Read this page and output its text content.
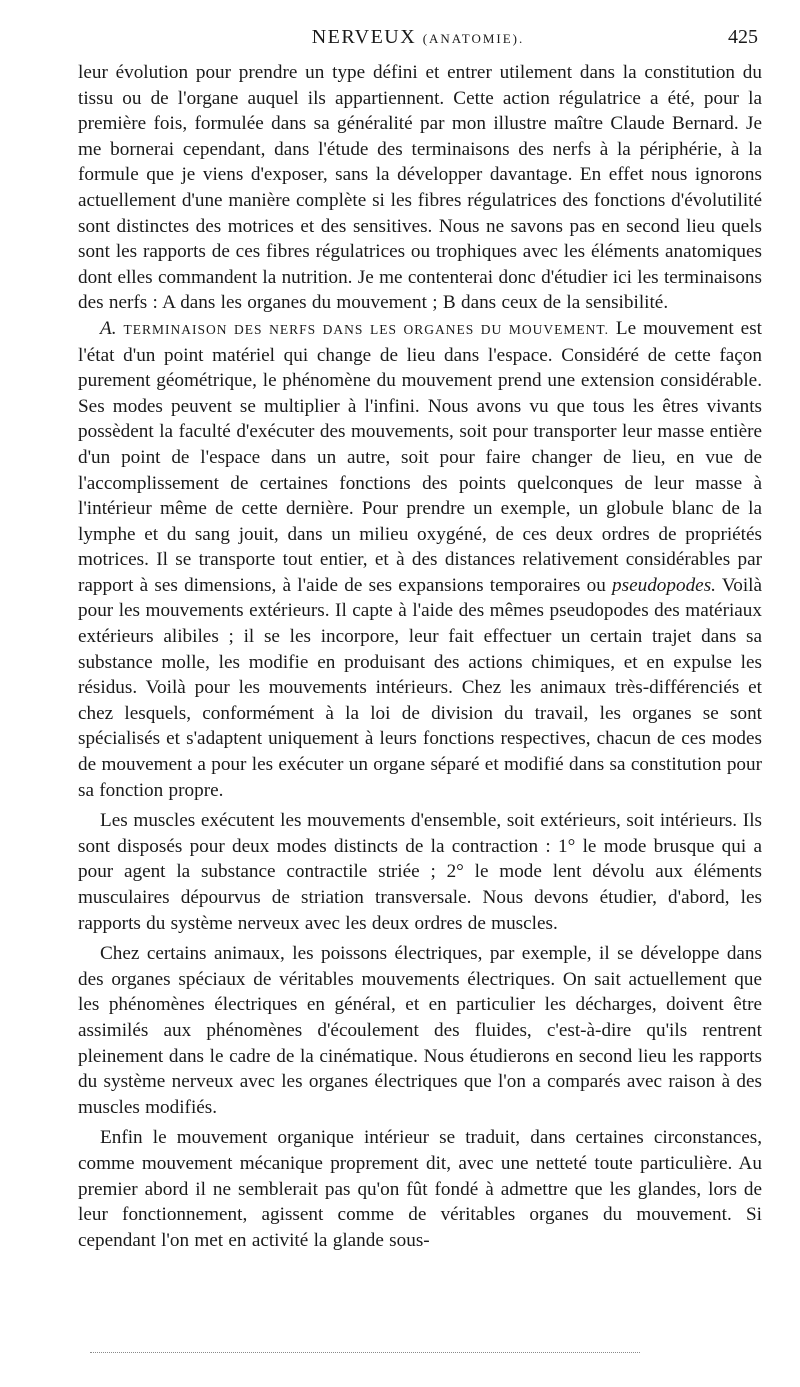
NERVEUX (ANATOMIE).	425

leur évolution pour prendre un type défini et entrer utilement dans la constitution du tissu ou de l'organe auquel ils appartiennent. Cette action régulatrice a été, pour la première fois, formulée dans sa généralité par mon illustre maître Claude Bernard. Je me bornerai cependant, dans l'étude des terminaisons des nerfs à la périphérie, à la formule que je viens d'exposer, sans la développer davantage. En effet nous ignorons actuellement d'une manière complète si les fibres régulatrices des fonctions d'évolutilité sont distinctes des motrices et des sensitives. Nous ne savons pas en second lieu quels sont les rapports de ces fibres régulatrices ou trophiques avec les éléments anatomiques dont elles commandent la nutrition. Je me contenterai donc d'étudier ici les terminaisons des nerfs : A dans les organes du mouvement ; B dans ceux de la sensibilité.

A. TERMINAISON DES NERFS DANS LES ORGANES DU MOUVEMENT. Le mouvement est l'état d'un point matériel qui change de lieu dans l'espace. Considéré de cette façon purement géométrique, le phénomène du mouvement prend une extension considérable. Ses modes peuvent se multiplier à l'infini. Nous avons vu que tous les êtres vivants possèdent la faculté d'exécuter des mouvements, soit pour transporter leur masse entière d'un point de l'espace dans un autre, soit pour faire changer de lieu, en vue de l'accomplissement de certaines fonctions des points quelconques de leur masse à l'intérieur même de cette dernière. Pour prendre un exemple, un globule blanc de la lymphe et du sang jouit, dans un milieu oxygéné, de ces deux ordres de propriétés motrices. Il se transporte tout entier, et à des distances relativement considérables par rapport à ses dimensions, à l'aide de ses expansions temporaires ou pseudopodes. Voilà pour les mouvements extérieurs. Il capte à l'aide des mêmes pseudopodes des matériaux extérieurs alibiles ; il se les incorpore, leur fait effectuer un certain trajet dans sa substance molle, les modifie en produisant des actions chimiques, et en expulse les résidus. Voilà pour les mouvements intérieurs. Chez les animaux très-différenciés et chez lesquels, conformément à la loi de division du travail, les organes se sont spécialisés et s'adaptent uniquement à leurs fonctions respectives, chacun de ces modes de mouvement a pour les exécuter un organe séparé et modifié dans sa constitution pour sa fonction propre.

Les muscles exécutent les mouvements d'ensemble, soit extérieurs, soit intérieurs. Ils sont disposés pour deux modes distincts de la contraction : 1° le mode brusque qui a pour agent la substance contractile striée ; 2° le mode lent dévolu aux éléments musculaires dépourvus de striation transversale. Nous devons étudier, d'abord, les rapports du système nerveux avec les deux ordres de muscles.

Chez certains animaux, les poissons électriques, par exemple, il se développe dans des organes spéciaux de véritables mouvements électriques. On sait actuellement que les phénomènes électriques en général, et en particulier les décharges, doivent être assimilés aux phénomènes d'écoulement des fluides, c'est-à-dire qu'ils rentrent pleinement dans le cadre de la cinématique. Nous étudierons en second lieu les rapports du système nerveux avec les organes électriques que l'on a comparés avec raison à des muscles modifiés.

Enfin le mouvement organique intérieur se traduit, dans certaines circonstances, comme mouvement mécanique proprement dit, avec une netteté toute particulière. Au premier abord il ne semblerait pas qu'on fût fondé à admettre que les glandes, lors de leur fonctionnement, agissent comme de véritables organes du mouvement. Si cependant l'on met en activité la glande sous-
